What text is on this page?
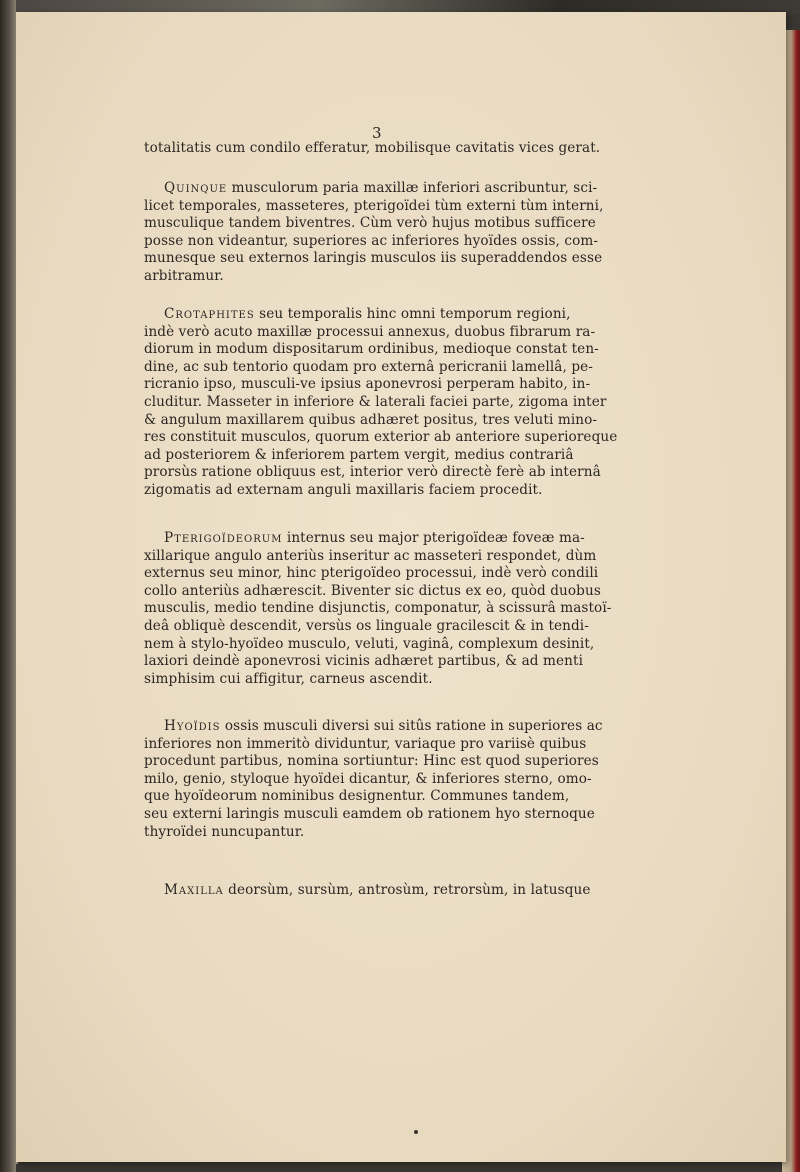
3
totalitatis cum condilo efferatur, mobilisque cavitatis vices gerat.
Quinque musculorum paria maxillæ inferiori ascribuntur, sci-
licet temporales, masseteres, pterigoïdei tùm externi tùm interni,
musculique tandem biventres. Cùm verò hujus motibus sufficere
posse non videantur, superiores ac inferiores hyoïdes ossis, com-
munesque seu externos laringis musculos iis superaddendos esse
arbitramur.
Crotaphites seu temporalis hinc omni temporum regioni,
indè verò acuto maxillæ processui annexus, duobus fibrarum ra-
diorum in modum dispositarum ordinibus, medioque constat ten-
dine, ac sub tentorio quodam pro externâ pericranii lamellâ, pe-
ricranio ipso, musculi-ve ipsius aponevrosi perperam habito, in-
cluditur. Masseter in inferiore & laterali faciei parte, zigoma inter
& angulum maxillarem quibus adhæret positus, tres veluti mino-
res constituit musculos, quorum exterior ab anteriore superioreque
ad posteriorem & inferiorem partem vergit, medius contrariâ
prorsùs ratione obliquus est, interior verò directè ferè ab internâ
zigomatis ad externam anguli maxillaris faciem procedit.
Pterigoïdeorum internus seu major pterigoïdeæ foveæ ma-
xillarique angulo anteriùs inseritur ac masseteri respondet, dùm
externus seu minor, hinc pterigoïdeo processui, indè verò condili
collo anteriùs adhærescit. Biventer sic dictus ex eo, quòd duobus
musculis, medio tendine disjunctis, componatur, à scissurâ mastoï-
deâ obliquè descendit, versùs os linguale gracilescit & in tendi-
nem à stylo-hyoïdeo musculo, veluti, vaginâ, complexum desinit,
laxiori deindè aponevrosi vicinis adhæret partibus, & ad menti
simphisim cui affigitur, carneus ascendit.
Hyoïdis ossis musculi diversi sui sitûs ratione in superiores ac
inferiores non immeritò dividuntur, variaque pro variisè quibus
procedunt partibus, nomina sortiuntur: Hinc est quod superiores
milo, genio, styloque hyoïdei dicantur, & inferiores sterno, omo-
que hyoïdeorum nominibus designentur. Communes tandem,
seu externi laringis musculi eamdem ob rationem hyo sternoque
thyroïdei nuncupantur.
Maxilla deorsùm, sursùm, antrosùm, retrorsùm, in latusque
